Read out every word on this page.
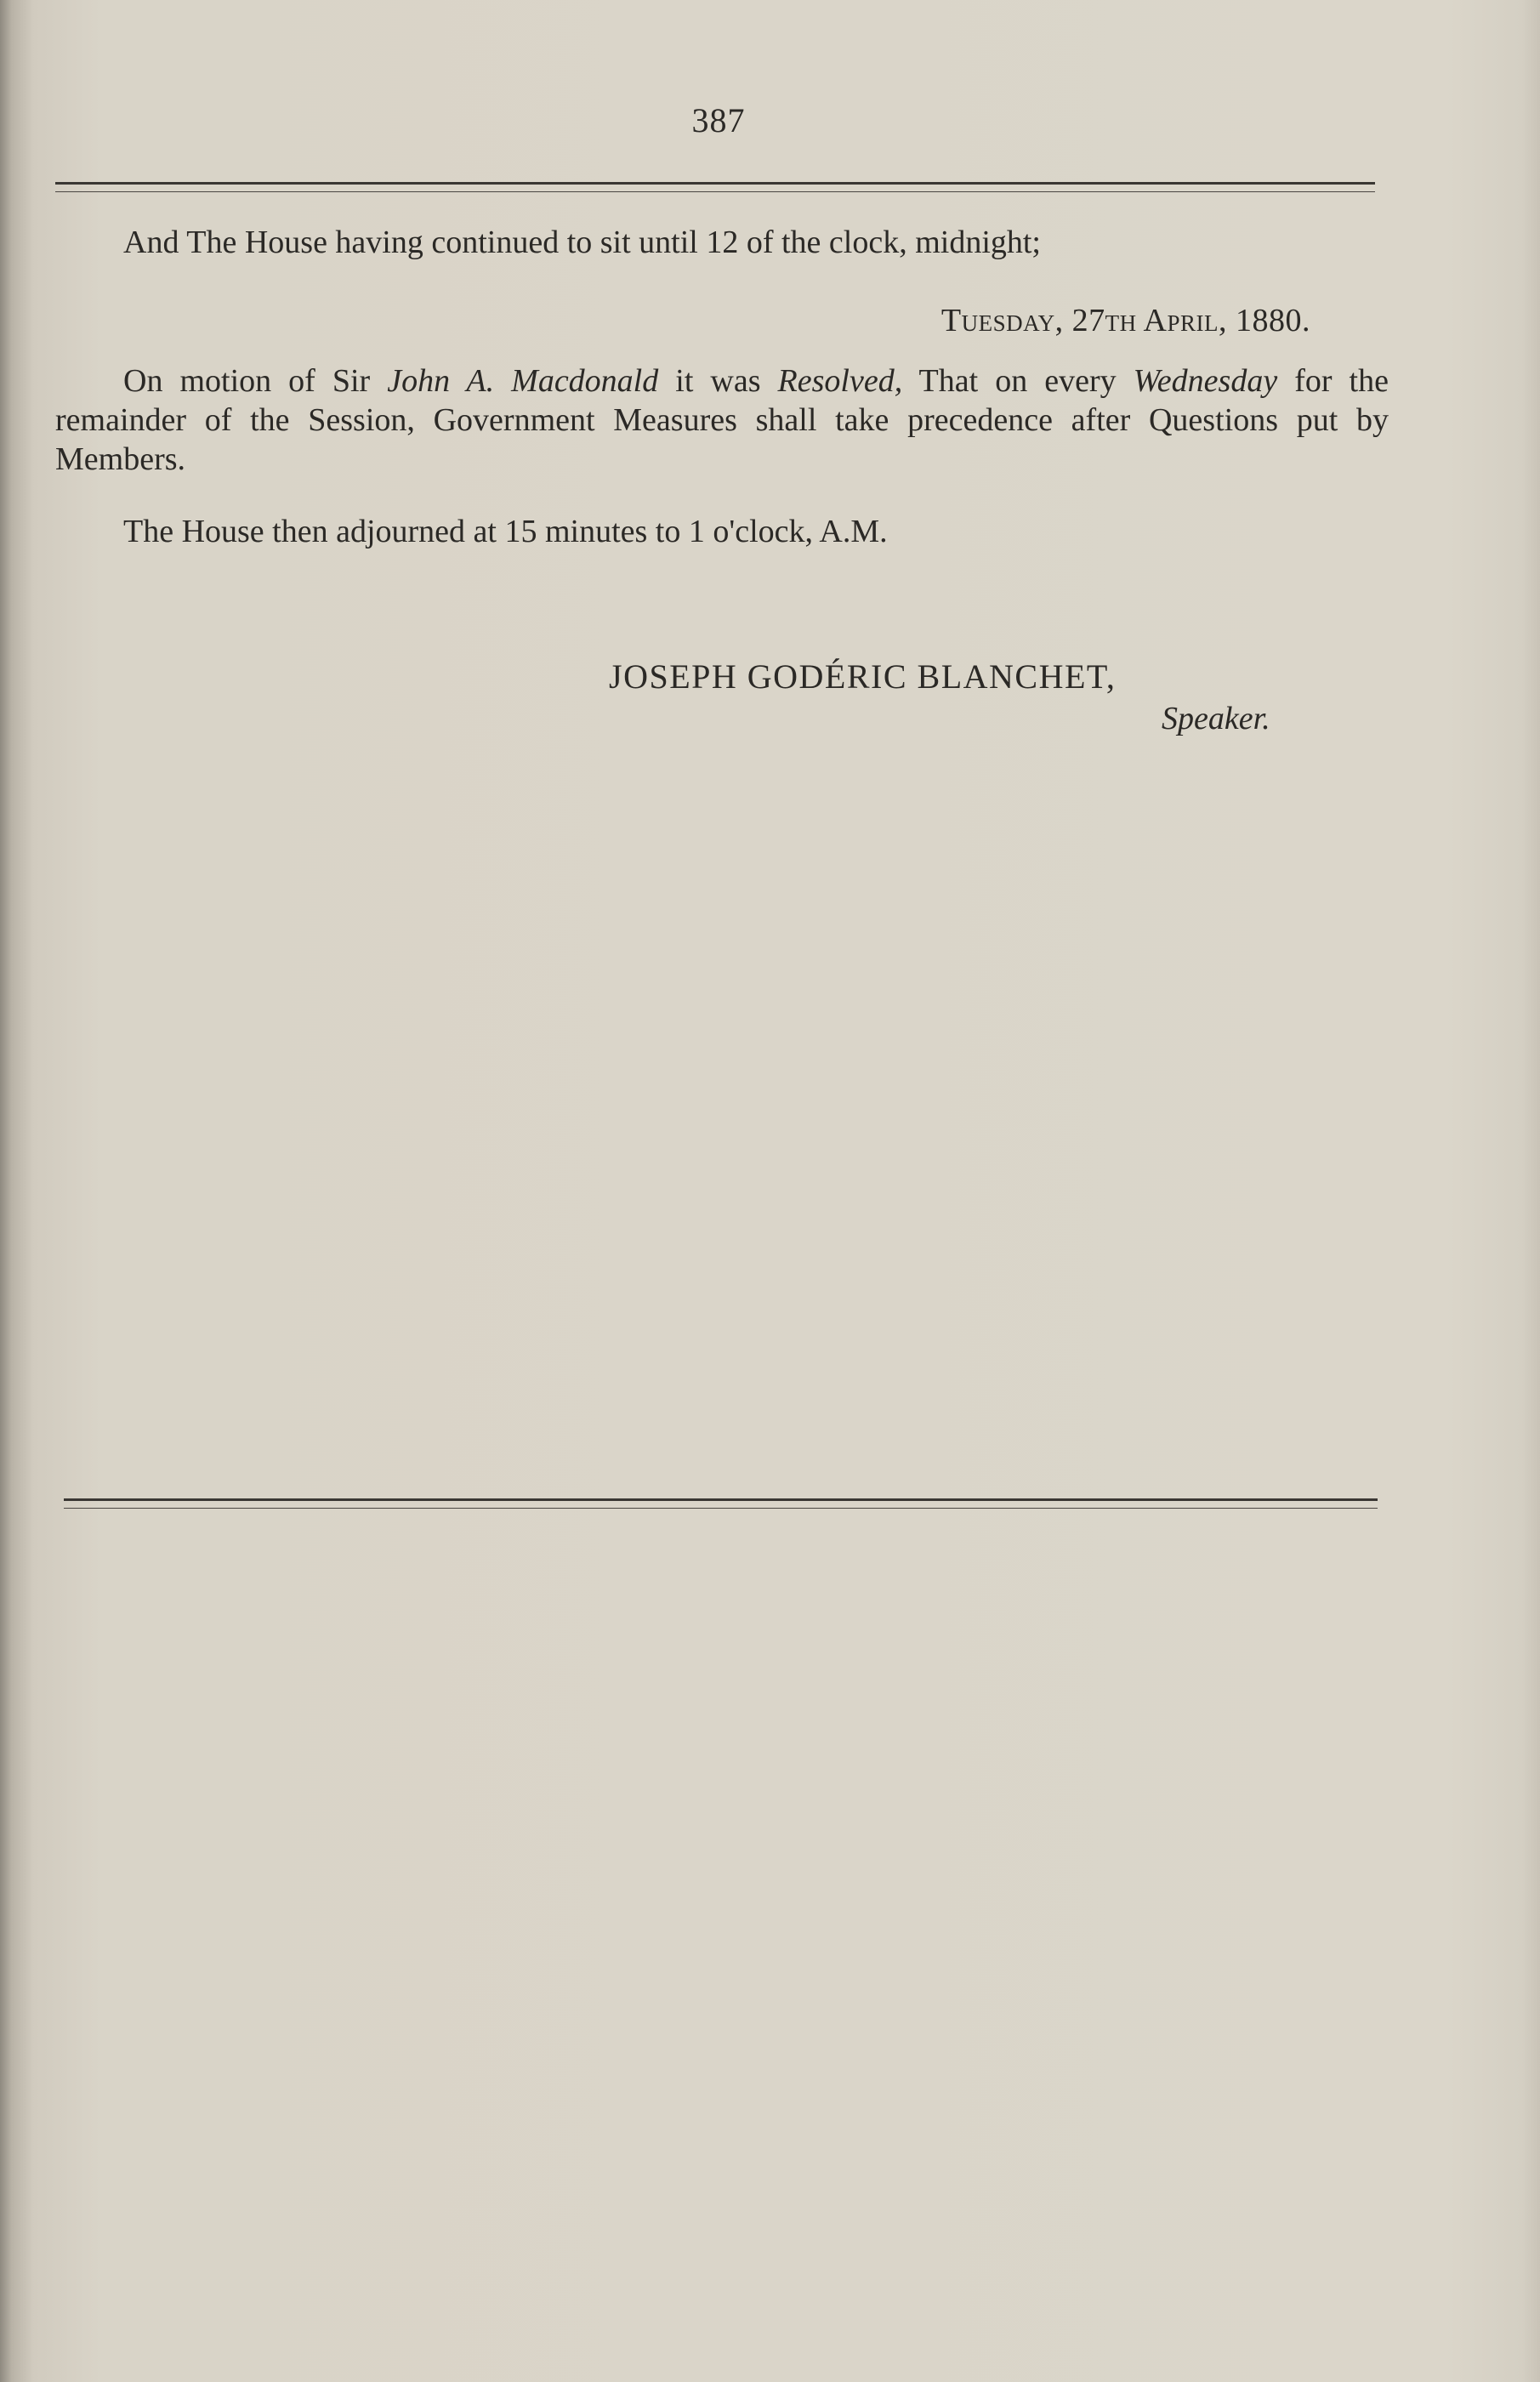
387

And The House having continued to sit until 12 of the clock, midnight;

Tuesday, 27th April, 1880.

On motion of Sir John A. Macdonald it was Resolved, That on every Wednesday for the remainder of the Session, Government Measures shall take precedence after Questions put by Members.

The House then adjourned at 15 minutes to 1 o'clock, A.M.

JOSEPH GODÉRIC BLANCHET,
Speaker.
